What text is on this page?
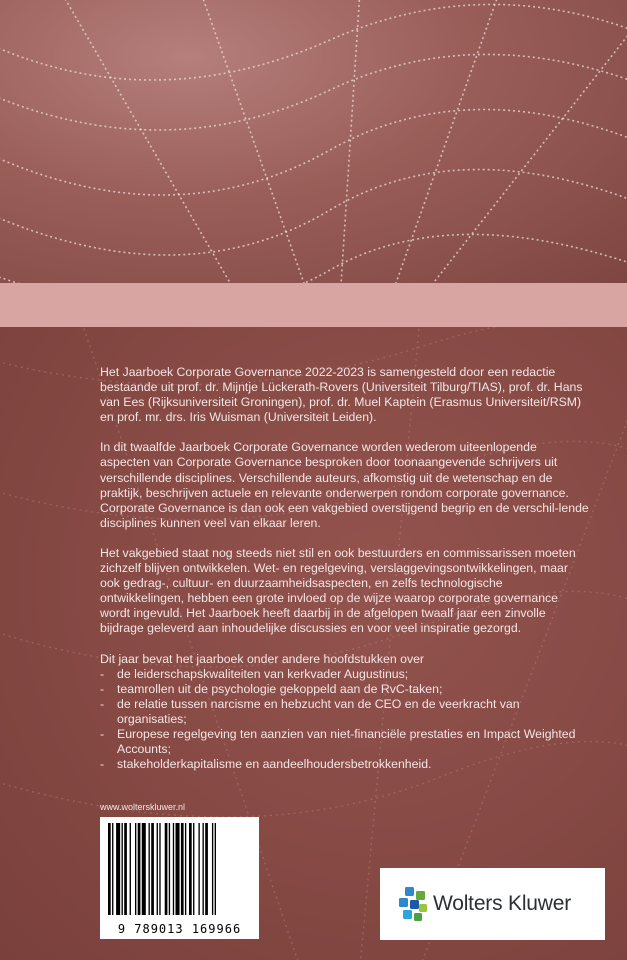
Het Jaarboek Corporate Governance 2022-2023 is samengesteld door een redactie bestaande uit prof. dr. Mijntje Lückerath-Rovers (Universiteit Tilburg/TIAS), prof. dr. Hans van Ees (Rijksuniversiteit Groningen), prof. dr. Muel Kaptein (Erasmus Universiteit/RSM) en prof. mr. drs. Iris Wuisman (Universiteit Leiden).

In dit twaalfde Jaarboek Corporate Governance worden wederom uiteenlopende aspecten van Corporate Governance besproken door toonaangevende schrijvers uit verschillende disciplines. Verschillende auteurs, afkomstig uit de wetenschap en de praktijk, beschrijven actuele en relevante onderwerpen rondom corporate governance. Corporate Governance is dan ook een vakgebied overstijgend begrip en de verschil-lende disciplines kunnen veel van elkaar leren.

Het vakgebied staat nog steeds niet stil en ook bestuurders en commissarissen moeten zichzelf blijven ontwikkelen. Wet- en regelgeving, verslaggevingsontwikkelingen, maar ook gedrag-, cultuur- en duurzaamheidsaspecten, en zelfs technologische ontwikkelingen, hebben een grote invloed op de wijze waarop corporate governance wordt ingevuld. Het Jaarboek heeft daarbij in de afgelopen twaalf jaar een zinvolle bijdrage geleverd aan inhoudelijke discussies en voor veel inspiratie gezorgd.

Dit jaar bevat het jaarboek onder andere hoofdstukken over
- de leiderschapskwaliteiten van kerkvader Augustinus;
- teamrollen uit de psychologie gekoppeld aan de RvC-taken;
- de relatie tussen narcisme en hebzucht van de CEO en de veerkracht van organisaties;
- Europese regelgeving ten aanzien van niet-financiële prestaties en Impact Weighted Accounts;
- stakeholderkapitalisme en aandeelhoudersbetrokkenheid.
www.wolterskluwer.nl
9 789013 169966
Wolters Kluwer
